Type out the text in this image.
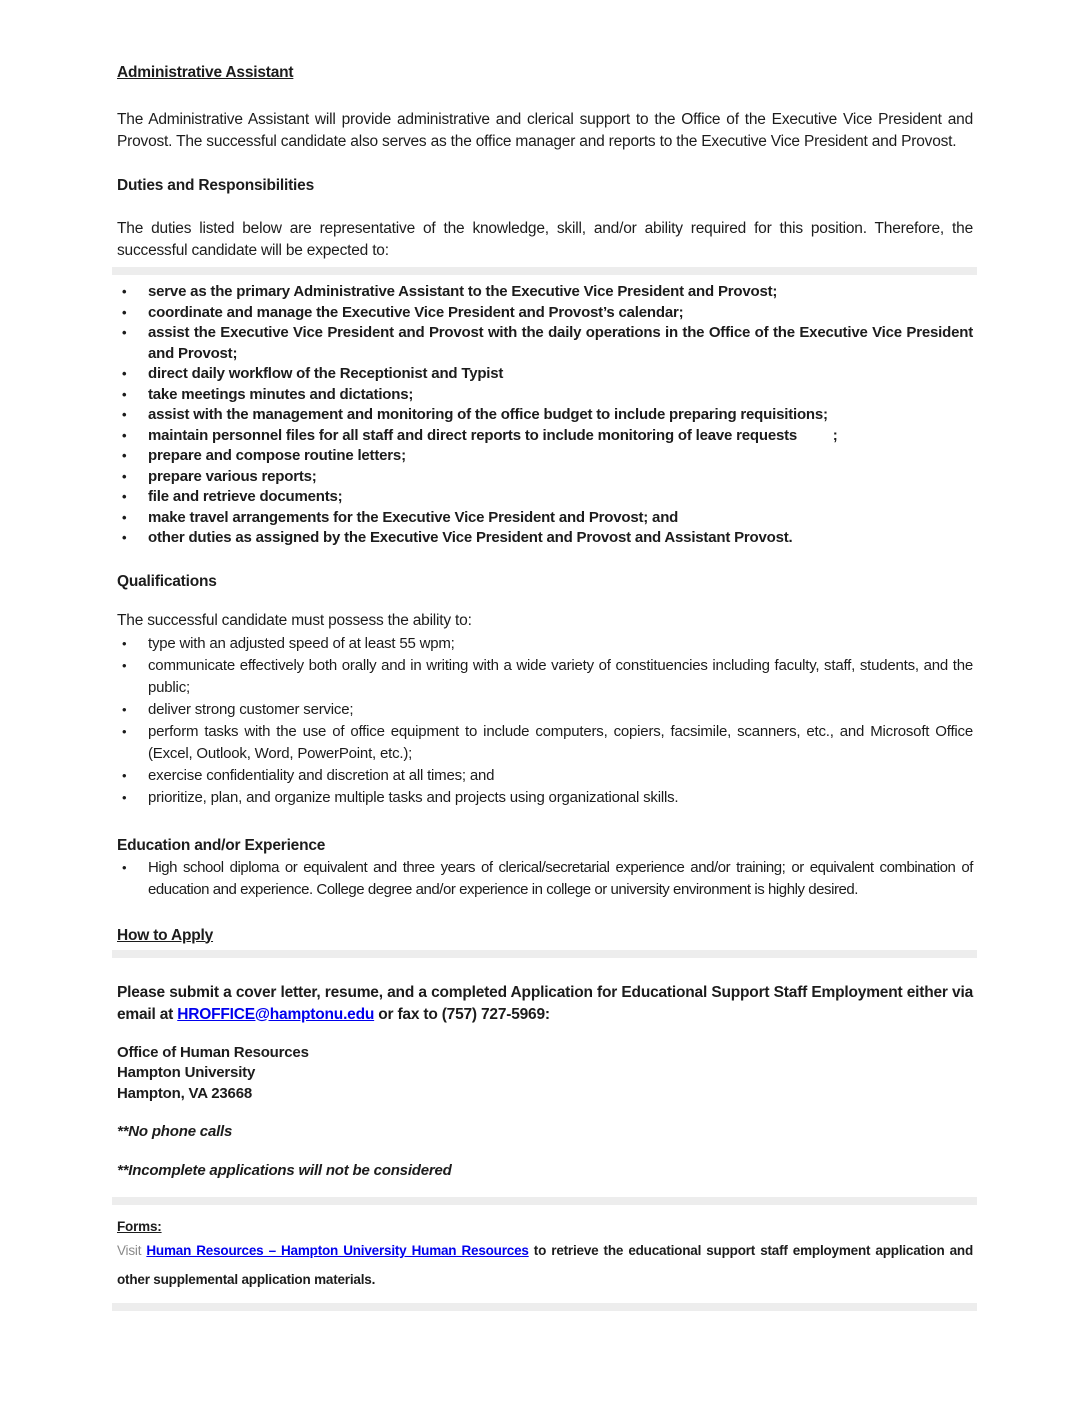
Administrative Assistant

The Administrative Assistant will provide administrative and clerical support to the Office of the Executive Vice President and Provost. The successful candidate also serves as the office manager and reports to the Executive Vice President and Provost.

Duties and Responsibilities

The duties listed below are representative of the knowledge, skill, and/or ability required for this position. Therefore, the successful candidate will be expected to:

•	serve as the primary Administrative Assistant to the Executive Vice President and Provost;
•	coordinate and manage the Executive Vice President and Provost’s calendar;
•	assist the Executive Vice President and Provost with the daily operations in the Office of the Executive Vice President and Provost;
•	direct daily workflow of the Receptionist and Typist
•	take meetings minutes and dictations;
•	assist with the management and monitoring of the office budget to include preparing requisitions;
•	maintain personnel files for all staff and direct reports to include monitoring of leave requests         ;
•	prepare and compose routine letters;
•	prepare various reports;
•	file and retrieve documents;
•	make travel arrangements for the Executive Vice President and Provost; and
•	other duties as assigned by the Executive Vice President and Provost and Assistant Provost.
Qualifications

The successful candidate must possess the ability to:

•	type with an adjusted speed of at least 55 wpm;
•	communicate effectively both orally and in writing with a wide variety of constituencies including faculty, staff, students, and the public;
•	deliver strong customer service;
•	perform tasks with the use of office equipment to include computers, copiers, facsimile, scanners, etc., and Microsoft Office (Excel, Outlook, Word, PowerPoint, etc.);
•	exercise confidentiality and discretion at all times; and
•	prioritize, plan, and organize multiple tasks and projects using organizational skills.
Education and/or Experience
•	High school diploma or equivalent and three years of clerical/secretarial experience and/or training; or equivalent combination of education and experience. College degree and/or experience in college or university environment is highly desired.
How to Apply

Please submit a cover letter, resume, and a completed Application for Educational Support Staff Employment either via email at HROFFICE@hamptonu.edu or fax to (757) 727-5969:

Office of Human Resources
Hampton University
Hampton, VA 23668

**No phone calls

**Incomplete applications will not be considered

Forms:

Visit Human Resources – Hampton University Human Resources to retrieve the educational support staff employment application and other supplemental application materials.
